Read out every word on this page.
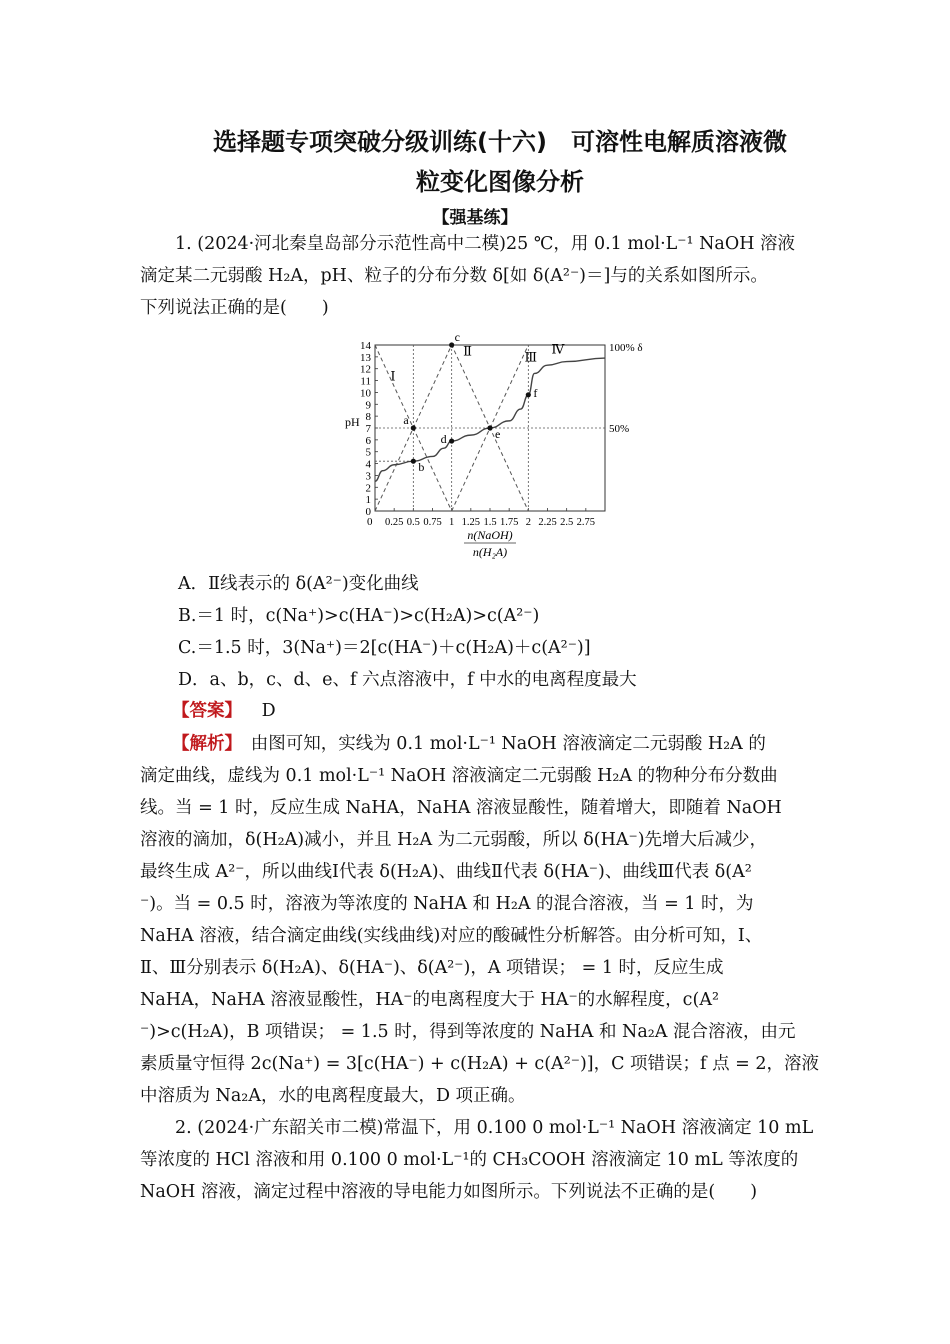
选择题专项突破分级训练(十六)　可溶性电解质溶液微
粒变化图像分析
【强基练】
1. (2024·河北秦皇岛部分示范性高中二模)25 ℃，用 0.1 mol·L⁻¹ NaOH 溶液
滴定某二元弱酸 H₂A，pH、粒子的分布分数 δ[如 δ(A²⁻)＝]与的关系如图所示。
下列说法正确的是(　　)
0
1
2
3
4
5
6
7
8
9
10
11
12
13
14
pH
0 0.25 0.5 0.75 1 1.25 1.5 1.75 2 2.25 2.5 2.75
n(NaOH)
n(H₂A)
100% δ
50%
a
b
c
d	e
f
Ⅰ
Ⅱ	Ⅲ
Ⅳ
A．Ⅱ线表示的 δ(A²⁻)变化曲线
B.＝1 时，c(Na⁺)>c(HA⁻)>c(H₂A)>c(A²⁻)
C.＝1.5 时，3(Na⁺)＝2[c(HA⁻)＋c(H₂A)＋c(A²⁻)]
D．a、b，c、d、e、f 六点溶液中，f 中水的电离程度最大
【答案】 D
【解析】　由图可知，实线为 0.1 mol·L⁻¹ NaOH 溶液滴定二元弱酸 H₂A 的
滴定曲线，虚线为 0.1 mol·L⁻¹ NaOH 溶液滴定二元弱酸 H₂A 的物种分布分数曲
线。当 = 1 时，反应生成 NaHA，NaHA 溶液显酸性，随着增大，即随着 NaOH
溶液的滴加，δ(H₂A)减小，并且 H₂A 为二元弱酸，所以 δ(HA⁻)先增大后减少，
最终生成 A²⁻，所以曲线Ⅰ代表 δ(H₂A)、曲线Ⅱ代表 δ(HA⁻)、曲线Ⅲ代表 δ(A²
⁻)。当 = 0.5 时，溶液为等浓度的 NaHA 和 H₂A 的混合溶液，当 = 1 时，为
NaHA 溶液，结合滴定曲线(实线曲线)对应的酸碱性分析解答。由分析可知，Ⅰ、
Ⅱ、Ⅲ分别表示 δ(H₂A)、δ(HA⁻)、δ(A²⁻)，A 项错误； = 1 时，反应生成
NaHA，NaHA 溶液显酸性，HA⁻的电离程度大于 HA⁻的水解程度，c(A²
⁻)>c(H₂A)，B 项错误； = 1.5 时，得到等浓度的 NaHA 和 Na₂A 混合溶液，由元
素质量守恒得 2c(Na⁺) = 3[c(HA⁻) + c(H₂A) + c(A²⁻)]，C 项错误；f 点 = 2，溶液
中溶质为 Na₂A，水的电离程度最大，D 项正确。
2. (2024·广东韶关市二模)常温下，用 0.100 0 mol·L⁻¹ NaOH 溶液滴定 10 mL
等浓度的 HCl 溶液和用 0.100 0 mol·L⁻¹的 CH₃COOH 溶液滴定 10 mL 等浓度的
NaOH 溶液，滴定过程中溶液的导电能力如图所示。下列说法不正确的是(　　)
